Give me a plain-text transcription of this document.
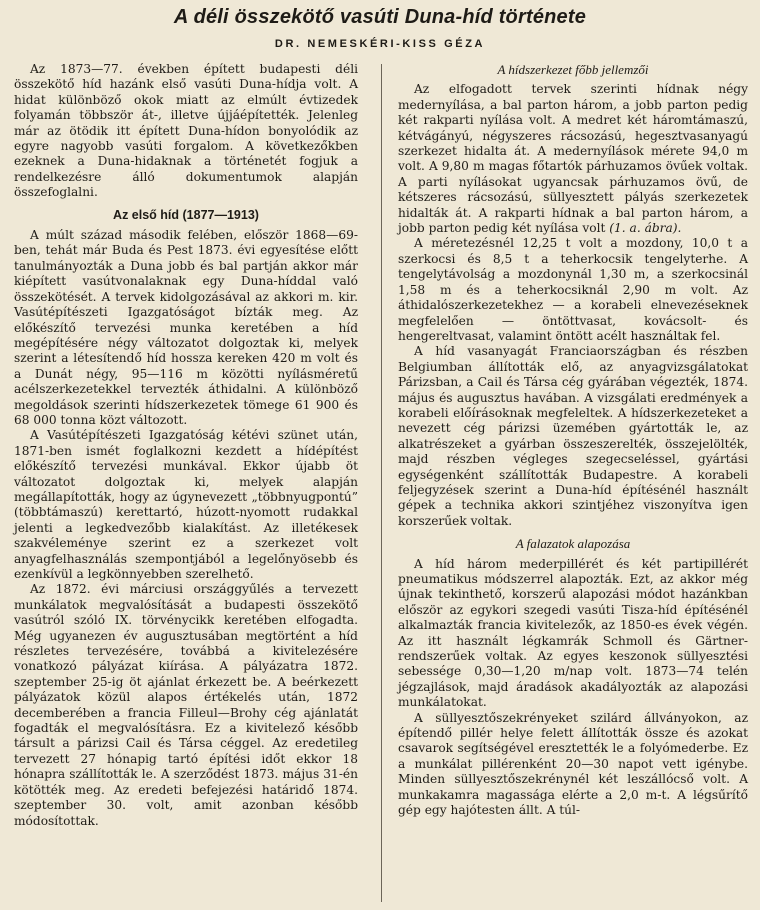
A déli összekötő vasúti Duna-híd története
DR. NEMESKÉRI-KISS GÉZA

Az 1873—77. években épített budapesti déli összekötő híd hazánk első vasúti Duna-hídja volt. A hidat különböző okok miatt az elmúlt évtizedek folyamán többször át-, illetve újjáépítették. Jelenleg már az ötödik itt épített Duna-hídon bonyolódik az egyre nagyobb vasúti forgalom. A következőkben ezeknek a Duna-hidaknak a történetét fogjuk a rendelkezésre álló dokumentumok alapján összefoglalni.

Az első híd (1877—1913)

A múlt század második felében, először 1868—69-ben, tehát már Buda és Pest 1873. évi egyesítése előtt tanulmányozták a Duna jobb és bal partján akkor már kiépített vasútvonalaknak egy Duna-híddal való összekötését. A tervek kidolgozásával az akkori m. kir. Vasútépítészeti Igazgatóságot bízták meg. Az előkészítő tervezési munka keretében a híd megépítésére négy változatot dolgoztak ki, melyek szerint a létesítendő híd hossza kereken 420 m volt és a Dunát négy, 95—116 m közötti nyílásméretű acélszerkezetekkel tervezték áthidalni. A különböző megoldások szerinti hídszerkezetek tömege 61 900 és 68 000 tonna közt változott.

A Vasútépítészeti Igazgatóság kétévi szünet után, 1871-ben ismét foglalkozni kezdett a hídépítést előkészítő tervezési munkával. Ekkor újabb öt változatot dolgoztak ki, melyek alapján megállapították, hogy az úgynevezett „többnyugpontú” (többtámaszú) kerettartó, húzott-nyomott rudakkal jelenti a legkedvezőbb kialakítást. Az illetékesek szakvéleménye szerint ez a szerkezet volt anyagfelhasználás szempontjából a legelőnyösebb és ezenkívül a legkönnyebben szerelhető.

Az 1872. évi márciusi országgyűlés a tervezett munkálatok megvalósítását a budapesti összekötő vasútról szóló IX. törvénycikk keretében elfogadta. Még ugyanezen év augusztusában megtörtént a híd részletes tervezésére, továbbá a kivitelezésére vonatkozó pályázat kiírása. A pályázatra 1872. szeptember 25-ig öt ajánlat érkezett be. A beérkezett pályázatok közül alapos értékelés után, 1872 decemberében a francia Filleul—Brohy cég ajánlatát fogadták el megvalósításra. Ez a kivitelező később társult a párizsi Cail és Társa céggel. Az eredetileg tervezett 27 hónapig tartó építési időt ekkor 18 hónapra szállították le. A szerződést 1873. május 31-én kötötték meg. Az eredeti befejezési határidő 1874. szeptember 30. volt, amit azonban később módosítottak.

A hídszerkezet főbb jellemzői

Az elfogadott tervek szerinti hídnak négy medernyílása, a bal parton három, a jobb parton pedig két rakparti nyílása volt. A medret két háromtámaszú, kétvágányú, négyszeres rácsozású, hegesztvasanyagú szerkezet hidalta át. A medernyílások mérete 94,0 m volt. A 9,80 m magas főtartók párhuzamos övűek voltak. A parti nyílásokat ugyancsak párhuzamos övű, de kétszeres rácsozású, süllyesztett pályás szerkezetek hidalták át. A rakparti hídnak a bal parton három, a jobb parton pedig két nyílása volt (1. a. ábra).

A méretezésnél 12,25 t volt a mozdony, 10,0 t a szerkocsi és 8,5 t a teherkocsik tengelyterhe. A tengelytávolság a mozdonynál 1,30 m, a szerkocsinál 1,58 m és a teherkocsiknál 2,90 m volt. Az áthidalószerkezetekhez — a korabeli elnevezéseknek megfelelően — öntöttvasat, kovácsolt- és hengereltvasat, valamint öntött acélt használtak fel.

A híd vasanyagát Franciaországban és részben Belgiumban állították elő, az anyagvizsgálatokat Párizsban, a Cail és Társa cég gyárában végezték, 1874. május és augusztus havában. A vizsgálati eredmények a korabeli előírásoknak megfeleltek. A hídszerkezeteket a nevezett cég párizsi üzemében gyártották le, az alkatrészeket a gyárban összeszerelték, összejelölték, majd részben végleges szegecseléssel, gyártási egységenként szállították Budapestre. A korabeli feljegyzések szerint a Duna-híd építésénél használt gépek a technika akkori szintjéhez viszonyítva igen korszerűek voltak.

A falazatok alapozása

A híd három mederpillérét és két partipillérét pneumatikus módszerrel alapozták. Ezt, az akkor még újnak tekinthető, korszerű alapozási módot hazánkban először az egykori szegedi vasúti Tisza-híd építésénél alkalmazták francia kivitelezők, az 1850-es évek végén. Az itt használt légkamrák Schmoll és Gärtner-rendszerűek voltak. Az egyes keszonok süllyesztési sebessége 0,30—1,20 m/nap volt. 1873—74 telén jégzajlások, majd áradások akadályozták az alapozási munkálatokat.

A süllyesztőszekrényeket szilárd állványokon, az építendő pillér helye felett állították össze és azokat csavarok segítségével eresztették le a folyómederbe. Ez a munkálat pillérenként 20—30 napot vett igénybe. Minden süllyesztőszekrénynél két leszállócső volt. A munkakamra magassága elérte a 2,0 m-t. A légsűrítő gép egy hajótesten állt. A túl-
